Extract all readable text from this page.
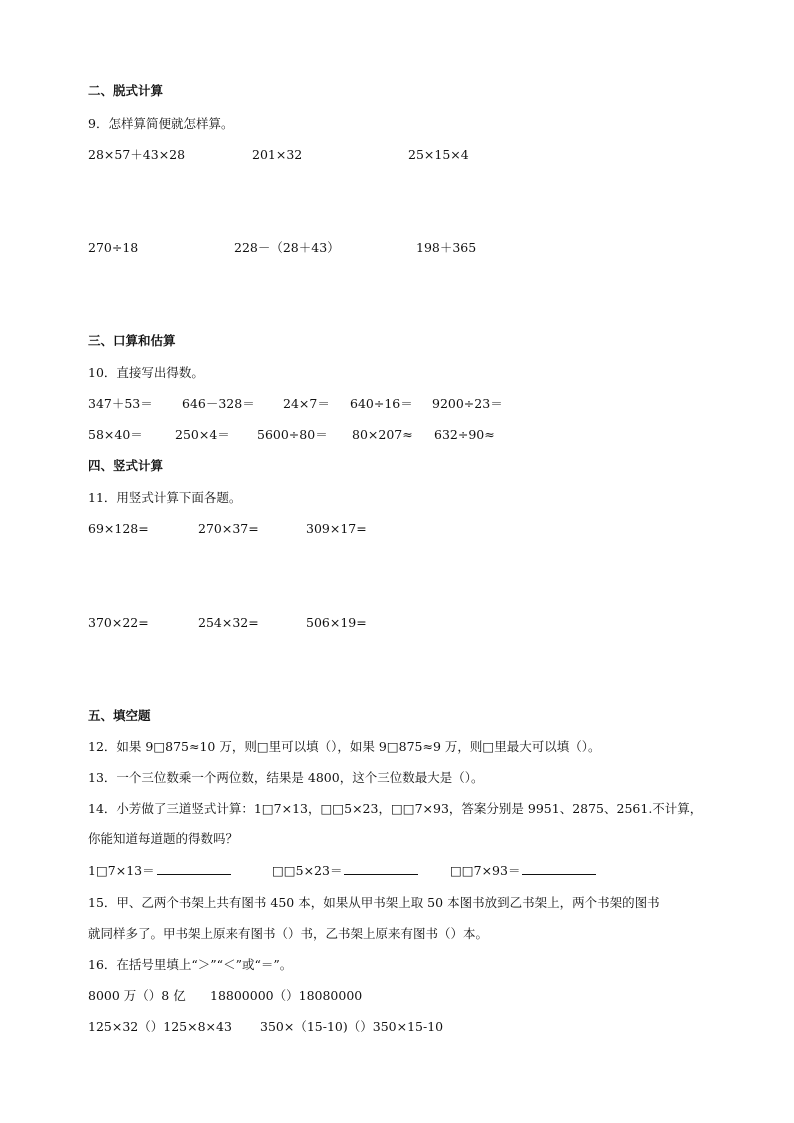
二、脱式计算
9．怎样算简便就怎样算。
28×57＋43×28	201×32	25×15×4
270÷18	228－（28＋43）	198＋365
三、口算和估算
10．直接写出得数。
347＋53＝ 646－328＝ 24×7＝ 640÷16＝ 9200÷23＝
58×40＝	250×4＝ 5600÷80＝ 80×207≈ 632÷90≈
四、竖式计算
11．用竖式计算下面各题。
69×128=	270×37=	309×17=
370×22=	254×32=	506×19=
五、填空题
12．如果 9□875≈10 万，则□里可以填（），如果 9□875≈9 万，则□里最大可以填（）。
13．一个三位数乘一个两位数，结果是 4800，这个三位数最大是（）。
14．小芳做了三道竖式计算：1□7×13，□□5×23，□□7×93，答案分别是 9951、2875、2561.不计算，
你能知道每道题的得数吗？
1□7×13＝	□□5×23＝	□□7×93＝
15．甲、乙两个书架上共有图书 450 本，如果从甲书架上取 50 本图书放到乙书架上，两个书架的图书
就同样多了。甲书架上原来有图书（）书，乙书架上原来有图书（）本。
16．在括号里填上“＞”“＜”或“＝”。
8000 万（）8 亿 18800000（）18080000
125×32（）125×8×43 350×（15-10)（）350×15-10
